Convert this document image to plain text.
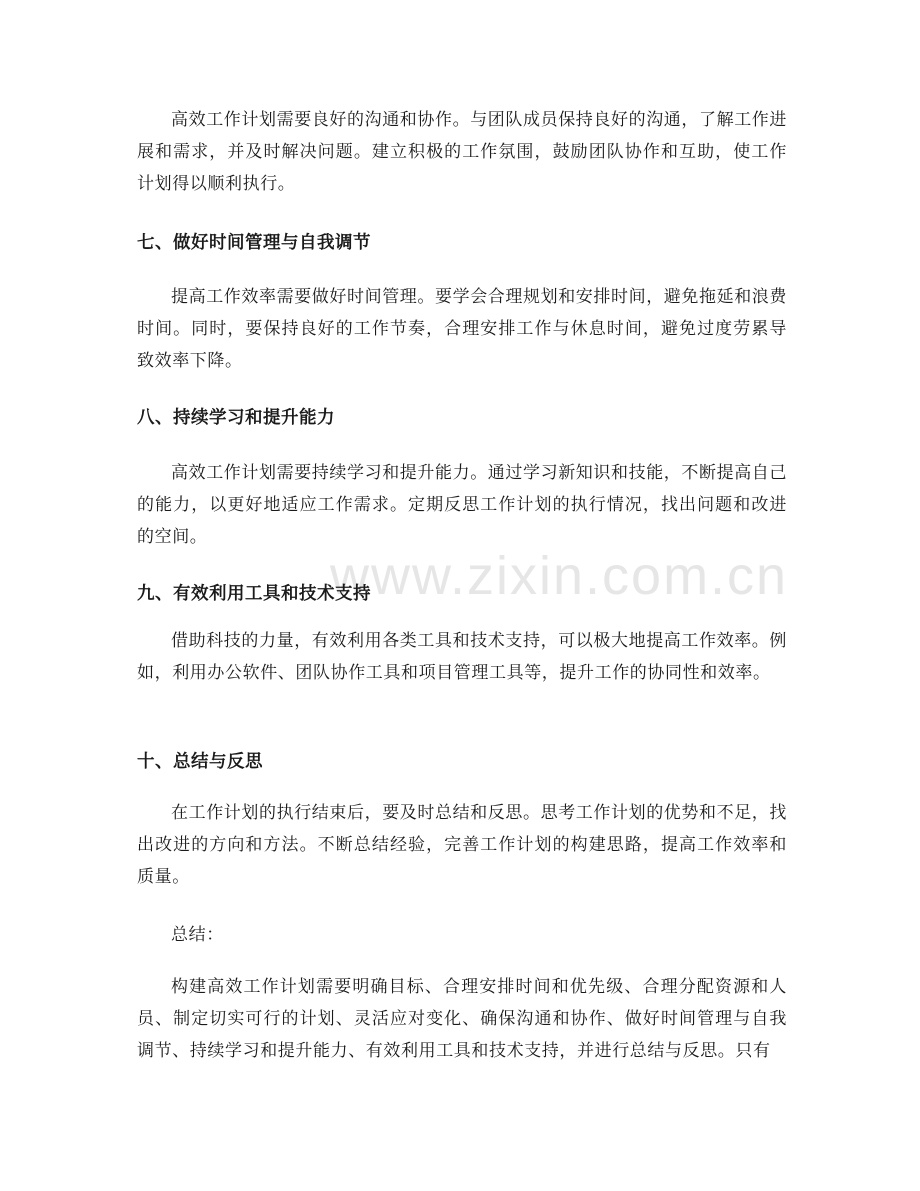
www.zixin.com.cn
高效工作计划需要良好的沟通和协作。与团队成员保持良好的沟通，了解工作进展和需求，并及时解决问题。建立积极的工作氛围，鼓励团队协作和互助，使工作计划得以顺利执行。
七、做好时间管理与自我调节
提高工作效率需要做好时间管理。要学会合理规划和安排时间，避免拖延和浪费时间。同时，要保持良好的工作节奏，合理安排工作与休息时间，避免过度劳累导致效率下降。
八、持续学习和提升能力
高效工作计划需要持续学习和提升能力。通过学习新知识和技能，不断提高自己的能力，以更好地适应工作需求。定期反思工作计划的执行情况，找出问题和改进的空间。
九、有效利用工具和技术支持
借助科技的力量，有效利用各类工具和技术支持，可以极大地提高工作效率。例如，利用办公软件、团队协作工具和项目管理工具等，提升工作的协同性和效率。
十、总结与反思
在工作计划的执行结束后，要及时总结和反思。思考工作计划的优势和不足，找出改进的方向和方法。不断总结经验，完善工作计划的构建思路，提高工作效率和质量。
总结：
构建高效工作计划需要明确目标、合理安排时间和优先级、合理分配资源和人员、制定切实可行的计划、灵活应对变化、确保沟通和协作、做好时间管理与自我调节、持续学习和提升能力、有效利用工具和技术支持，并进行总结与反思。只有
